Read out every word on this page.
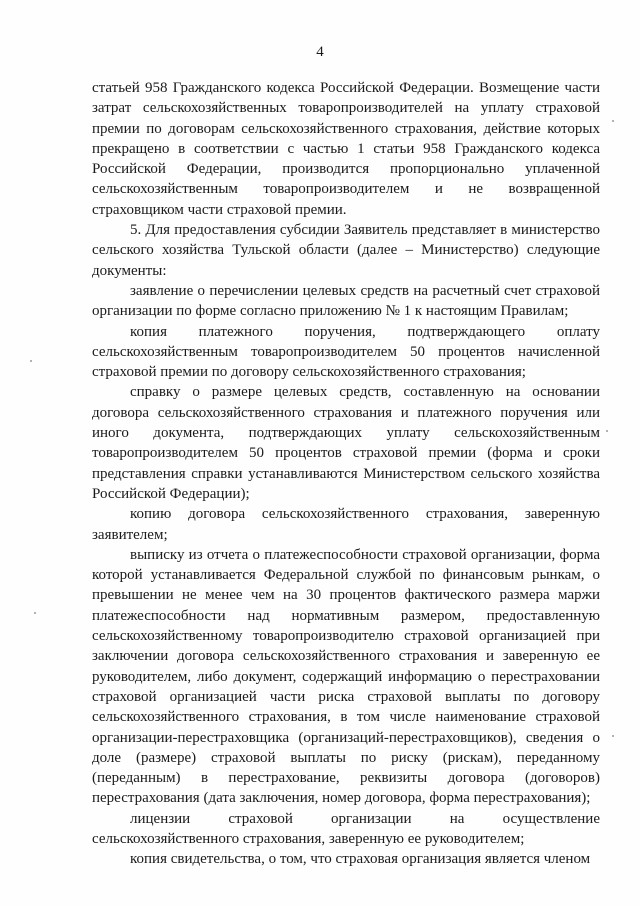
4

статьей 958 Гражданского кодекса Российской Федерации. Возмещение части затрат сельскохозяйственных товаропроизводителей на уплату страховой премии по договорам сельскохозяйственного страхования, действие которых прекращено в соответствии с частью 1 статьи 958 Гражданского кодекса Российской Федерации, производится пропорционально уплаченной сельскохозяйственным товаропроизводителем и не возвращенной страховщиком части страховой премии.

5. Для предоставления субсидии Заявитель представляет в министерство сельского хозяйства Тульской области (далее – Министерство) следующие документы:

заявление о перечислении целевых средств на расчетный счет страховой организации по форме согласно приложению № 1 к настоящим Правилам;

копия платежного поручения, подтверждающего оплату сельскохозяйственным товаропроизводителем 50 процентов начисленной страховой премии по договору сельскохозяйственного страхования;

справку о размере целевых средств, составленную на основании договора сельскохозяйственного страхования и платежного поручения или иного документа, подтверждающих уплату сельскохозяйственным товаропроизводителем 50 процентов страховой премии (форма и сроки представления справки устанавливаются Министерством сельского хозяйства Российской Федерации);

копию договора сельскохозяйственного страхования, заверенную заявителем;

выписку из отчета о платежеспособности страховой организации, форма которой устанавливается Федеральной службой по финансовым рынкам, о превышении не менее чем на 30 процентов фактического размера маржи платежеспособности над нормативным размером, предоставленную сельскохозяйственному товаропроизводителю страховой организацией при заключении договора сельскохозяйственного страхования и заверенную ее руководителем, либо документ, содержащий информацию о перестраховании страховой организацией части риска страховой выплаты по договору сельскохозяйственного страхования, в том числе наименование страховой организации-перестраховщика (организаций-перестраховщиков), сведения о доле (размере) страховой выплаты по риску (рискам), переданному (переданным) в перестрахование, реквизиты договора (договоров) перестрахования (дата заключения, номер договора, форма перестрахования);

лицензии страховой организации на осуществление сельскохозяйственного страхования, заверенную ее руководителем;

копия свидетельства, о том, что страховая организация является членом
